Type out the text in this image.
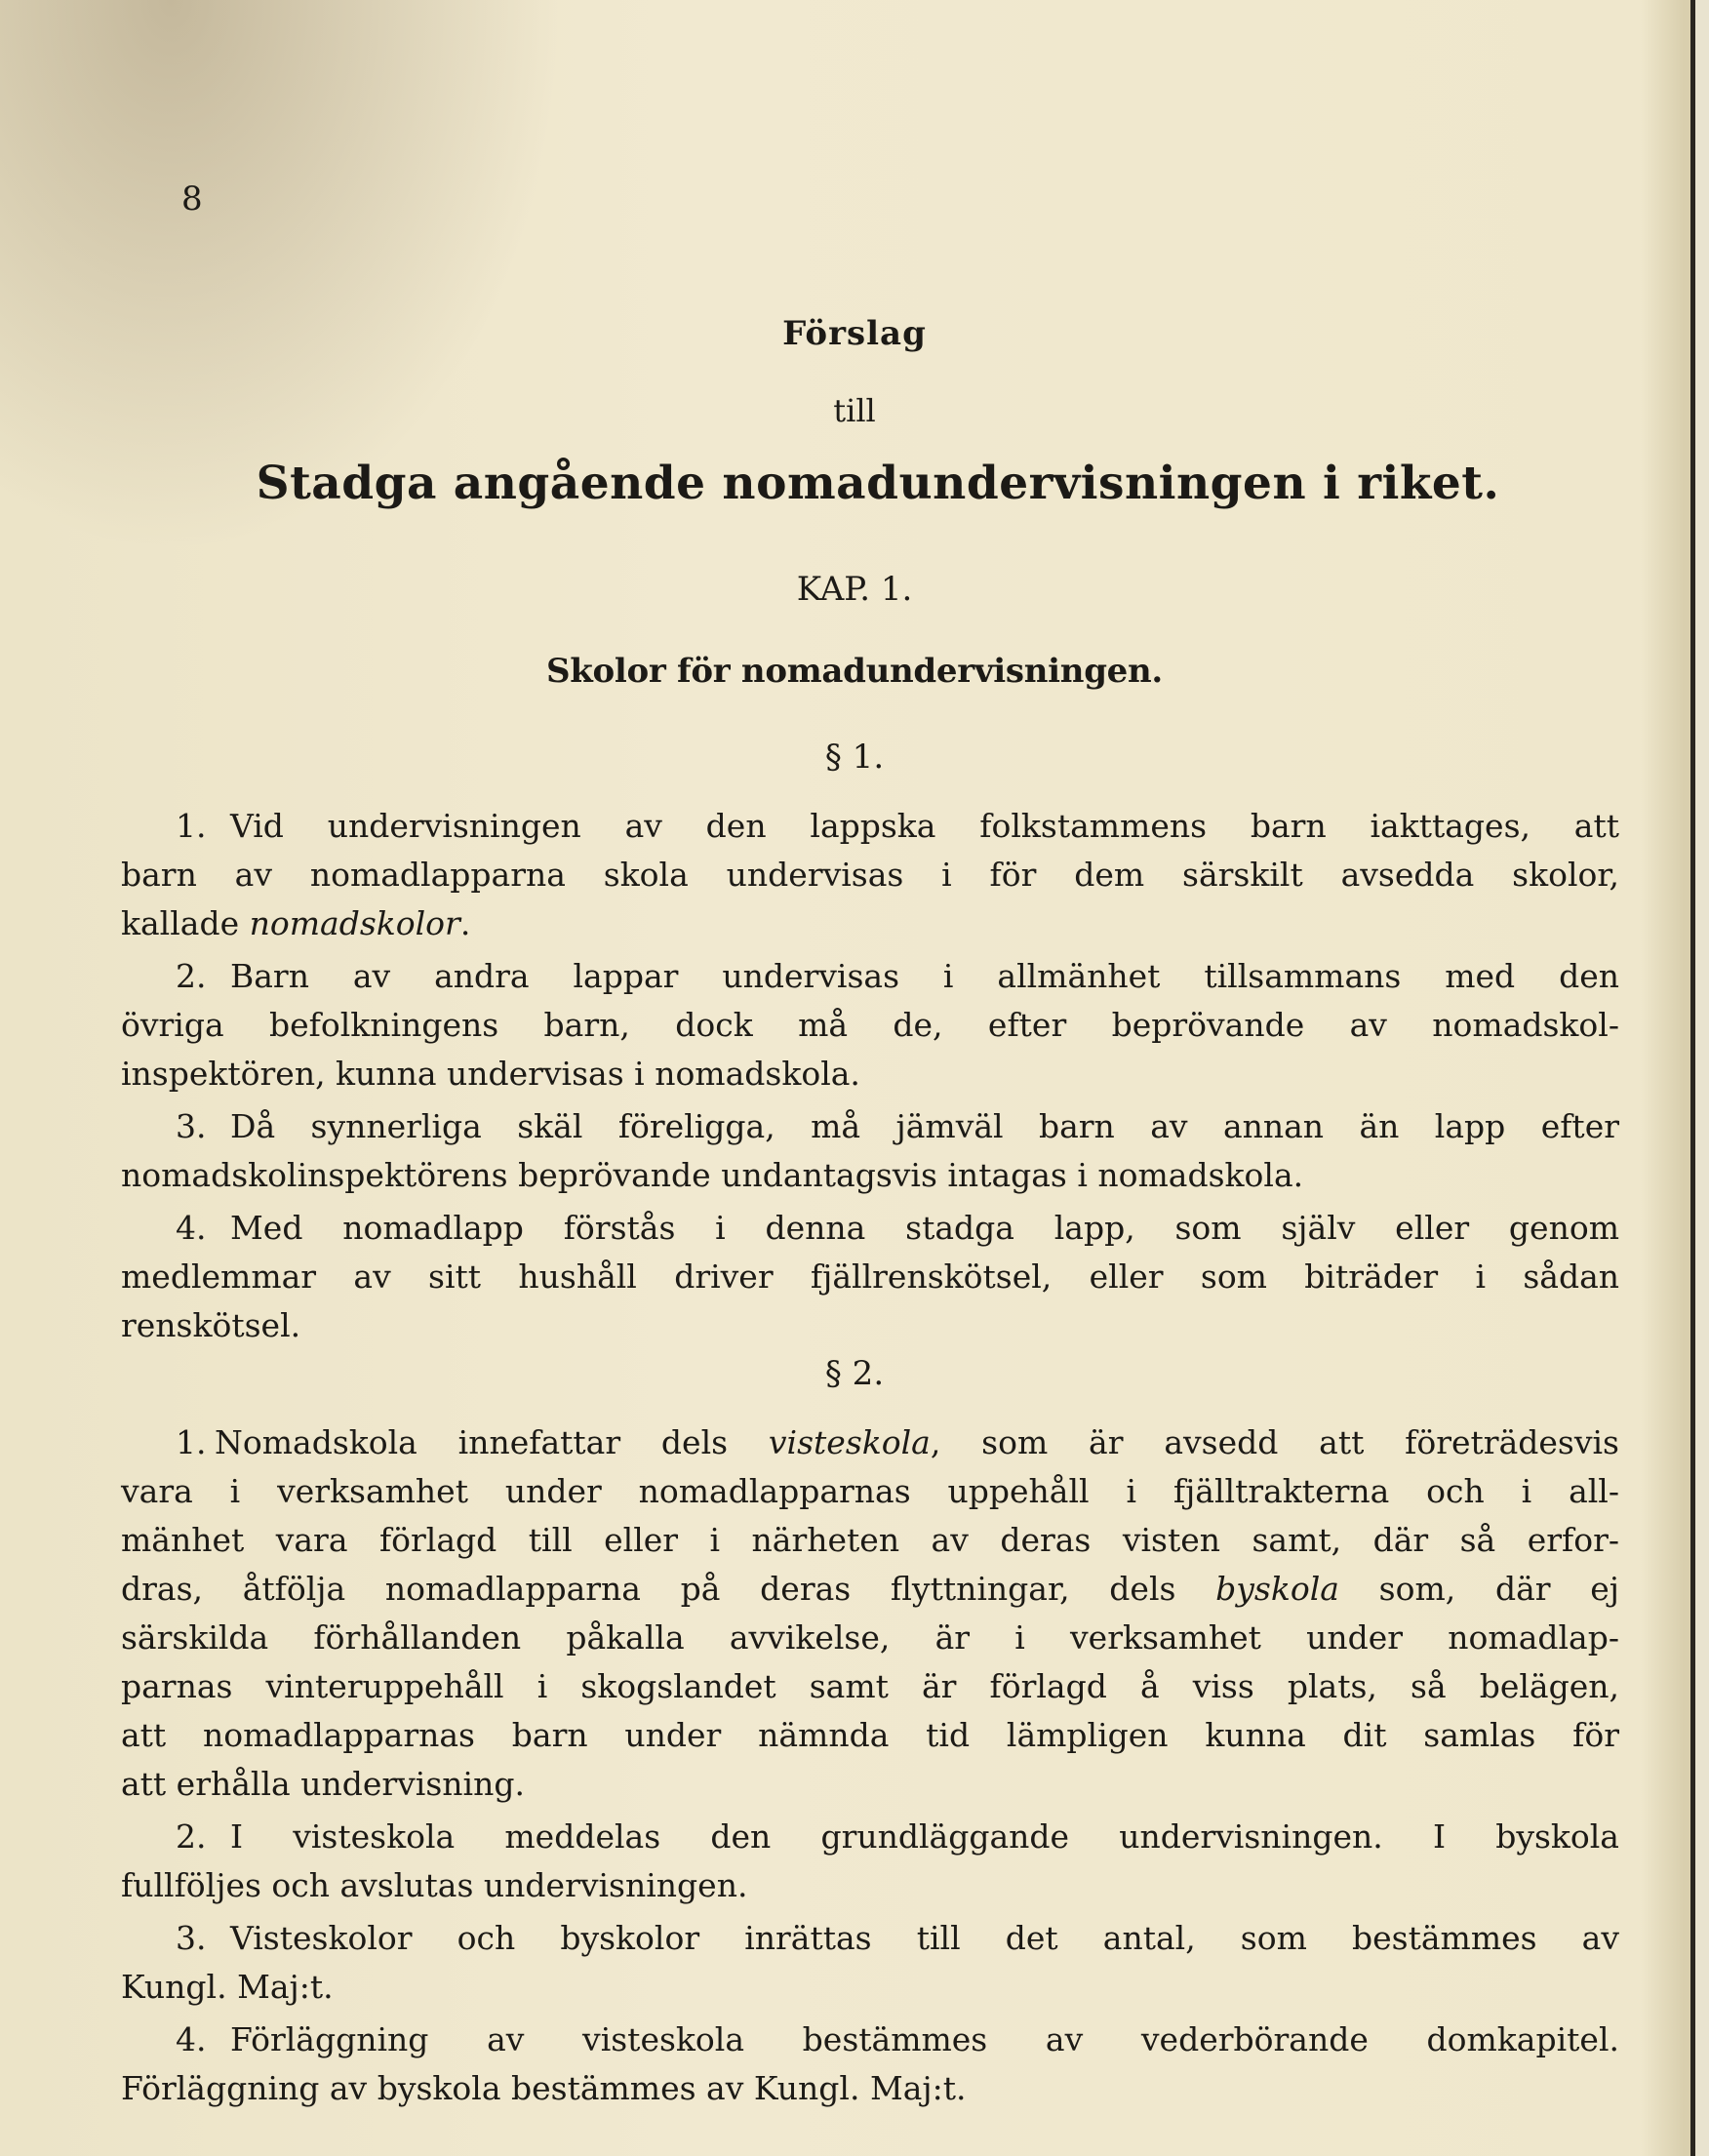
8
Förslag
till
Stadga angående nomadundervisningen i riket.
KAP. 1.
Skolor för nomadundervisningen.
§ 1.
1. Vid undervisningen av den lappska folkstammens barn iakttages, att
barn av nomadlapparna skola undervisas i för dem särskilt avsedda skolor,
kallade nomadskolor.
2. Barn av andra lappar undervisas i allmänhet tillsammans med den
övriga befolkningens barn, dock må de, efter beprövande av nomadskol-
inspektören, kunna undervisas i nomadskola.
3. Då synnerliga skäl föreligga, må jämväl barn av annan än lapp efter
nomadskolinspektörens beprövande undantagsvis intagas i nomadskola.
4. Med nomadlapp förstås i denna stadga lapp, som själv eller genom
medlemmar av sitt hushåll driver fjällrenskötsel, eller som biträder i sådan
renskötsel.
§ 2.
1. Nomadskola innefattar dels visteskola, som är avsedd att företrädesvis
vara i verksamhet under nomadlapparnas uppehåll i fjälltrakterna och i all-
mänhet vara förlagd till eller i närheten av deras visten samt, där så erfor-
dras, åtfölja nomadlapparna på deras flyttningar, dels byskola som, där ej
särskilda förhållanden påkalla avvikelse, är i verksamhet under nomadlap-
parnas vinteruppehåll i skogslandet samt är förlagd å viss plats, så belägen,
att nomadlapparnas barn under nämnda tid lämpligen kunna dit samlas för
att erhålla undervisning.
2. I visteskola meddelas den grundläggande undervisningen. I byskola
fullföljes och avslutas undervisningen.
3. Visteskolor och byskolor inrättas till det antal, som bestämmes av
Kungl. Maj:t.
4. Förläggning av visteskola bestämmes av vederbörande domkapitel.
Förläggning av byskola bestämmes av Kungl. Maj:t.
